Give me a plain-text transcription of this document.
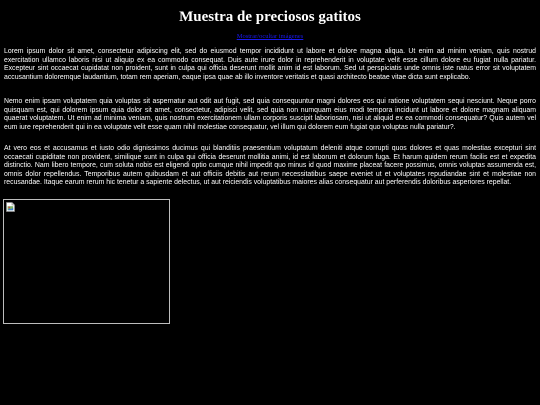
Muestra de preciosos gatitos
Mostrar/ocultar imágenes

Lorem ipsum dolor sit amet, consectetur adipiscing elit, sed do eiusmod tempor incididunt ut labore et dolore magna aliqua. Ut enim ad minim veniam, quis nostrud exercitation ullamco laboris nisi ut aliquip ex ea commodo consequat. Duis aute irure dolor in reprehenderit in voluptate velit esse cillum dolore eu fugiat nulla pariatur. Excepteur sint occaecat cupidatat non proident, sunt in culpa qui officia deserunt mollit anim id est laborum. Sed ut perspiciatis unde omnis iste natus error sit voluptatem accusantium doloremque laudantium, totam rem aperiam, eaque ipsa quae ab illo inventore veritatis et quasi architecto beatae vitae dicta sunt explicabo.

Nemo enim ipsam voluptatem quia voluptas sit aspernatur aut odit aut fugit, sed quia consequuntur magni dolores eos qui ratione voluptatem sequi nesciunt. Neque porro quisquam est, qui dolorem ipsum quia dolor sit amet, consectetur, adipisci velit, sed quia non numquam eius modi tempora incidunt ut labore et dolore magnam aliquam quaerat voluptatem. Ut enim ad minima veniam, quis nostrum exercitationem ullam corporis suscipit laboriosam, nisi ut aliquid ex ea commodi consequatur? Quis autem vel eum iure reprehenderit qui in ea voluptate velit esse quam nihil molestiae consequatur, vel illum qui dolorem eum fugiat quo voluptas nulla pariatur?.

At vero eos et accusamus et iusto odio dignissimos ducimus qui blanditiis praesentium voluptatum deleniti atque corrupti quos dolores et quas molestias excepturi sint occaecati cupiditate non provident, similique sunt in culpa qui officia deserunt mollitia animi, id est laborum et dolorum fuga. Et harum quidem rerum facilis est et expedita distinctio. Nam libero tempore, cum soluta nobis est eligendi optio cumque nihil impedit quo minus id quod maxime placeat facere possimus, omnis voluptas assumenda est, omnis dolor repellendus. Temporibus autem quibusdam et aut officiis debitis aut rerum necessitatibus saepe eveniet ut et voluptates repudiandae sint et molestiae non recusandae. Itaque earum rerum hic tenetur a sapiente delectus, ut aut reiciendis voluptatibus maiores alias consequatur aut perferendis doloribus asperiores repellat.
